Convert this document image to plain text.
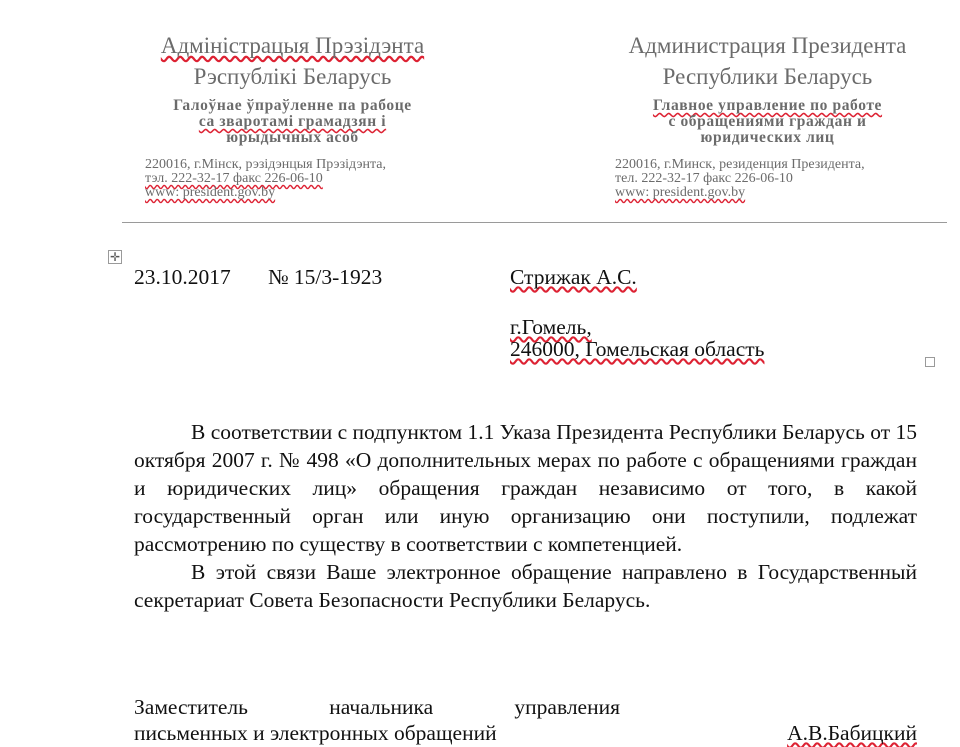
Адміністрацыя Прэзідэнта
Рэспублікі Беларусь
Галоўнае ўпраўленне па рабоце
са зваротамі грамадзян і
юрыдычных асоб
220016, г.Мінск, рэзідэнцыя Прэзідэнта,
тэл. 222-32-17 факс 226-06-10
www: president.gov.by
Администрация Президента
Республики Беларусь
Главное управление по работе
с обращениями граждан и
юридических лиц
220016, г.Минск, резиденция Президента,
тел. 222-32-17 факс 226-06-10
www: president.gov.by
✛
23.10.2017 № 15/3-1923	Стрижак А.С.
г.Гомель,
246000, Гомельская область

В соответствии с подпунктом 1.1 Указа Президента Республики Беларусь от 15 октября 2007 г. № 498 «О дополнительных мерах по работе с обращениями граждан и юридических лиц» обращения граждан независимо от того, в какой государственный орган или иную организацию они поступили, подлежат рассмотрению по существу в соответствии с компетенцией.

В этой связи Ваше электронное обращение направлено в Государственный секретариат Совета Безопасности Республики Беларусь.

Заместитель начальника управления
письменных и электронных обращений	А.В.Бабицкий
